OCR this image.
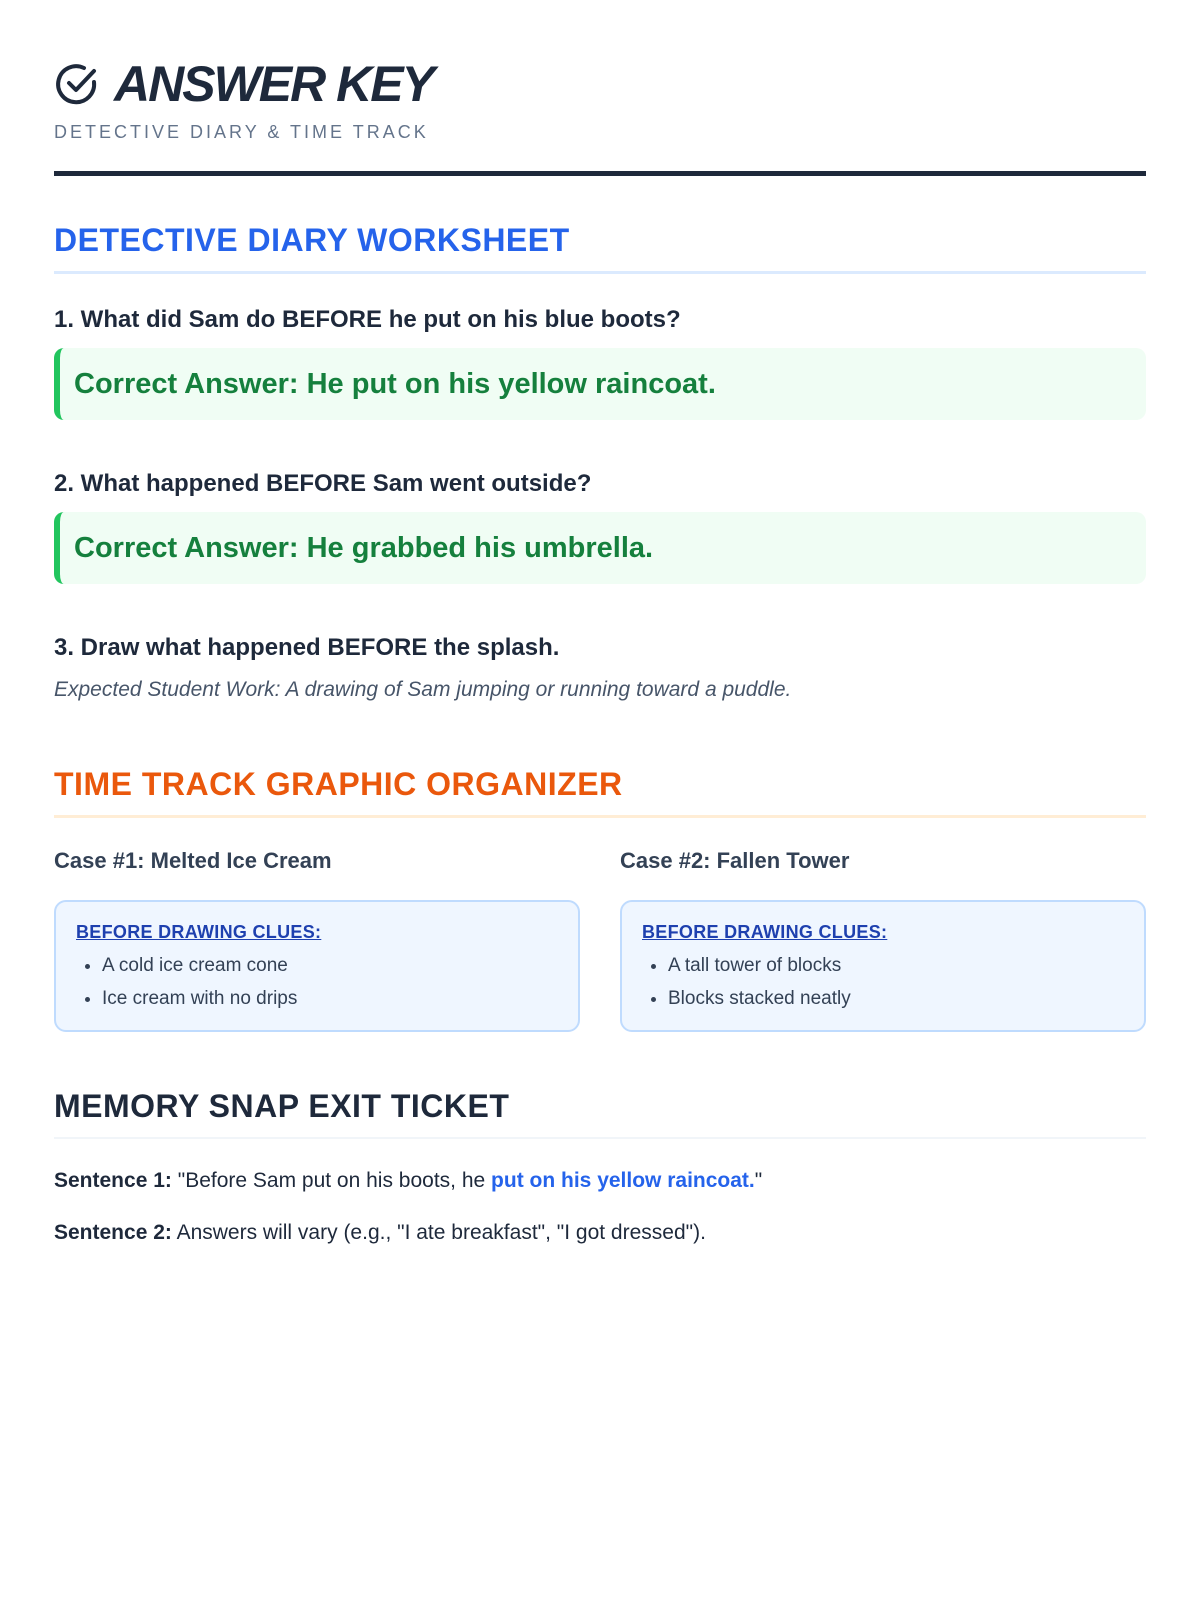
ANSWER KEY
DETECTIVE DIARY & TIME TRACK
DETECTIVE DIARY WORKSHEET
1. What did Sam do BEFORE he put on his blue boots?
Correct Answer: He put on his yellow raincoat.
2. What happened BEFORE Sam went outside?
Correct Answer: He grabbed his umbrella.
3. Draw what happened BEFORE the splash.
Expected Student Work: A drawing of Sam jumping or running toward a puddle.
TIME TRACK GRAPHIC ORGANIZER
Case #1: Melted Ice Cream
BEFORE DRAWING CLUES:
• A cold ice cream cone
• Ice cream with no drips
Case #2: Fallen Tower
BEFORE DRAWING CLUES:
• A tall tower of blocks
• Blocks stacked neatly
MEMORY SNAP EXIT TICKET
Sentence 1: "Before Sam put on his boots, he put on his yellow raincoat."
Sentence 2: Answers will vary (e.g., "I ate breakfast", "I got dressed").
